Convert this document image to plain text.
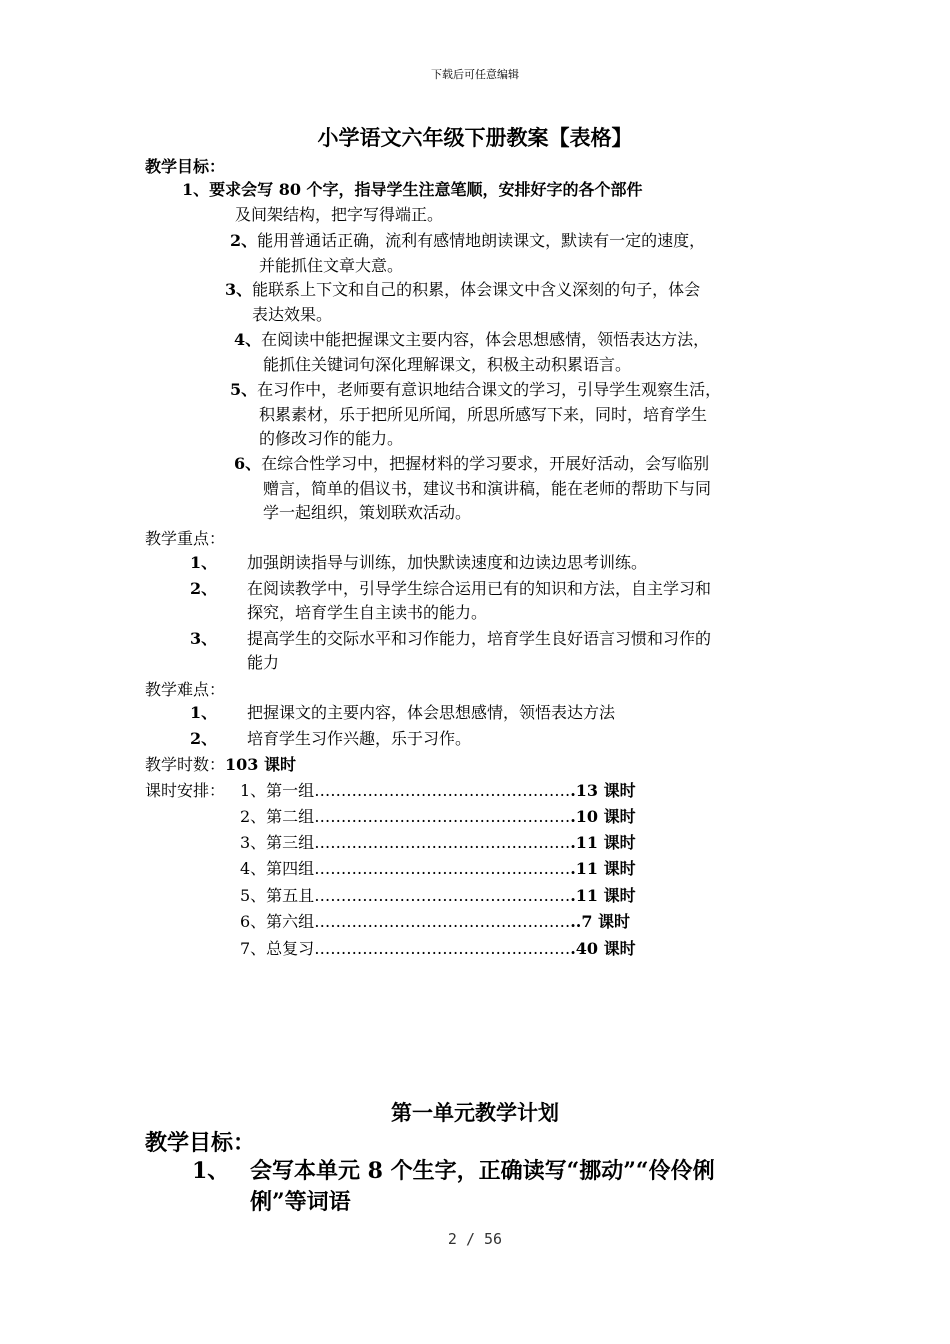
下载后可任意编辑
小学语文六年级下册教案【表格】
教学目标：
1、要求会写 80 个字，指导学生注意笔顺，安排好字的各个部件
及间架结构，把字写得端正。
2、能用普通话正确，流利有感情地朗读课文，默读有一定的速度，
并能抓住文章大意。
3、能联系上下文和自己的积累，体会课文中含义深刻的句子，体会
表达效果。
4、在阅读中能把握课文主要内容，体会思想感情，领悟表达方法，
能抓住关键词句深化理解课文，积极主动积累语言。
5、在习作中，老师要有意识地结合课文的学习，引导学生观察生活，
积累素材，乐于把所见所闻，所思所感写下来，同时，培育学生
的修改习作的能力。
6、在综合性学习中，把握材料的学习要求，开展好活动，会写临别
赠言，简单的倡议书，建议书和演讲稿，能在老师的帮助下与同
学一起组织，策划联欢活动。
教学重点：
1、 加强朗读指导与训练，加快默读速度和边读边思考训练。
2、 在阅读教学中，引导学生综合运用已有的知识和方法，自主学习和
探究，培育学生自主读书的能力。
3、 提高学生的交际水平和习作能力，培育学生良好语言习惯和习作的
能力
教学难点：
1、 把握课文的主要内容，体会思想感情，领悟表达方法
2、 培育学生习作兴趣，乐于习作。
教学时数：103 课时
课时安排： 1、第一组………………………………………….13 课时
2、第二组………………………………………….10 课时
3、第三组………………………………………….11 课时
4、第四组………………………………………….11 课时
5、第五且………………………………………….11 课时
6、第六组…………………………………………..7 课时
7、总复习………………………………………….40 课时
第一单元教学计划
教学目标：
1、 会写本单元 8 个生字，正确读写“挪动”“伶伶俐
俐”等词语
2 / 56
